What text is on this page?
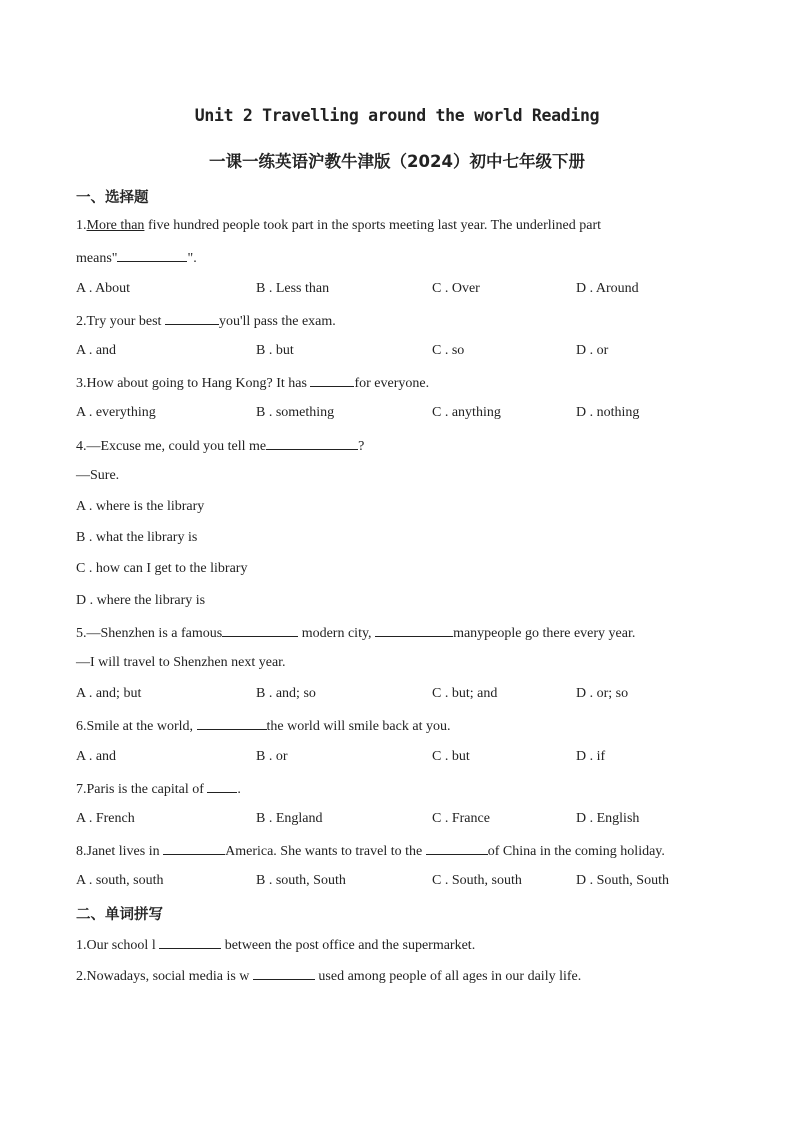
Unit 2 Travelling around the world Reading
一课一练英语沪教牛津版（2024）初中七年级下册
一、选择题
1.More than five hundred people took part in the sports meeting last year. The underlined part
means"	".
A . About	B . Less than	C . Over	D . Around
2.Try your best	you'll pass the exam.
A . and	B . but	C . so	D . or
3.How about going to Hang Kong? It has	for everyone.
A . everything	B . something	C . anything	D . nothing
4.—Excuse me, could you tell me	?
—Sure.
A . where is the library
B . what the library is
C . how can I get to the library
D . where the library is
5.—Shenzhen is a famous	modern city,	manypeople go there every year.
—I will travel to Shenzhen next year.
A . and; but	B . and; so	C . but; and	D . or; so
6.Smile at the world,	the world will smile back at you.
A . and	B . or	C . but	D . if
7.Paris is the capital of .
A . French	B . England	C . France	D . English
8.Janet lives in	America. She wants to travel to the	of China in the coming holiday.
A . south, south	B . south, South	C . South, south	D . South, South
二、单词拼写
1.Our school l	between the post office and the supermarket.
2.Nowadays, social media is w	used among people of all ages in our daily life.
